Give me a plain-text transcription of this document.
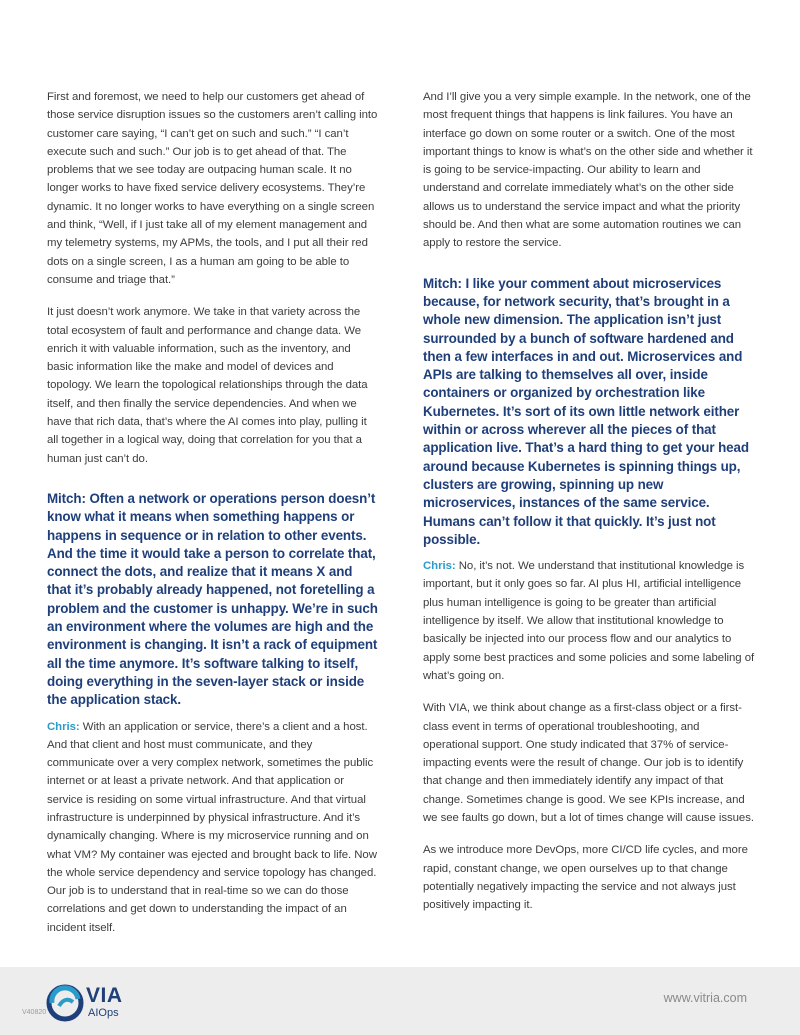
First and foremost, we need to help our customers get ahead of those service disruption issues so the customers aren’t calling into customer care saying, “I can’t get on such and such.” “I can’t execute such and such.” Our job is to get ahead of that. The problems that we see today are outpacing human scale. It no longer works to have fixed service delivery ecosystems. They’re dynamic. It no longer works to have everything on a single screen and think, “Well, if I just take all of my element management and my telemetry systems, my APMs, the tools, and I put all their red dots on a single screen, I as a human am going to be able to consume and triage that.”

It just doesn’t work anymore. We take in that variety across the total ecosystem of fault and performance and change data. We enrich it with valuable information, such as the inventory, and basic information like the make and model of devices and topology. We learn the topological relationships through the data itself, and then finally the service dependencies. And when we have that rich data, that’s where the AI comes into play, pulling it all together in a logical way, doing that correlation for you that a human just can’t do.

Mitch: Often a network or operations person doesn’t know what it means when something happens or happens in sequence or in relation to other events. And the time it would take a person to correlate that, connect the dots, and realize that it means X and that it’s probably already happened, not foretelling a problem and the customer is unhappy. We’re in such an environment where the volumes are high and the environment is changing. It isn’t a rack of equipment all the time anymore. It’s software talking to itself, doing everything in the seven-layer stack or inside the application stack.

Chris: With an application or service, there’s a client and a host. And that client and host must communicate, and they communicate over a very complex network, sometimes the public internet or at least a private network. And that application or service is residing on some virtual infrastructure. And that virtual infrastructure is underpinned by physical infrastructure. And it’s dynamically changing. Where is my microservice running and on what VM? My container was ejected and brought back to life. Now the whole service dependency and service topology has changed. Our job is to understand that in real-time so we can do those correlations and get down to understanding the impact of an incident itself.

And I’ll give you a very simple example. In the network, one of the most frequent things that happens is link failures. You have an interface go down on some router or a switch. One of the most important things to know is what’s on the other side and whether it is going to be service-impacting. Our ability to learn and understand and correlate immediately what’s on the other side allows us to understand the service impact and what the priority should be. And then what are some automation routines we can apply to restore the service.

Mitch: I like your comment about microservices because, for network security, that’s brought in a whole new dimension. The application isn’t just surrounded by a bunch of software hardened and then a few interfaces in and out. Microservices and APIs are talking to themselves all over, inside containers or organized by orchestration like Kubernetes. It’s sort of its own little network either within or across wherever all the pieces of that application live. That’s a hard thing to get your head around because Kubernetes is spinning things up, clusters are growing, spinning up new microservices, instances of the same service. Humans can’t follow it that quickly. It’s just not possible.

Chris: No, it’s not. We understand that institutional knowledge is important, but it only goes so far. AI plus HI, artificial intelligence plus human intelligence is going to be greater than artificial intelligence by itself. We allow that institutional knowledge to basically be injected into our process flow and our analytics to apply some best practices and some policies and some labeling of what’s going on.

With VIA, we think about change as a first-class object or a first-class event in terms of operational troubleshooting, and operational support. One study indicated that 37% of service-impacting events were the result of change. Our job is to identify that change and then immediately identify any impact of that change. Sometimes change is good. We see KPIs increase, and we see faults go down, but a lot of times change will cause issues.

As we introduce more DevOps, more CI/CD life cycles, and more rapid, constant change, we open ourselves up to that change potentially negatively impacting the service and not always just positively impacting it.

V40820
VIA
AIOps
www.vitria.com
